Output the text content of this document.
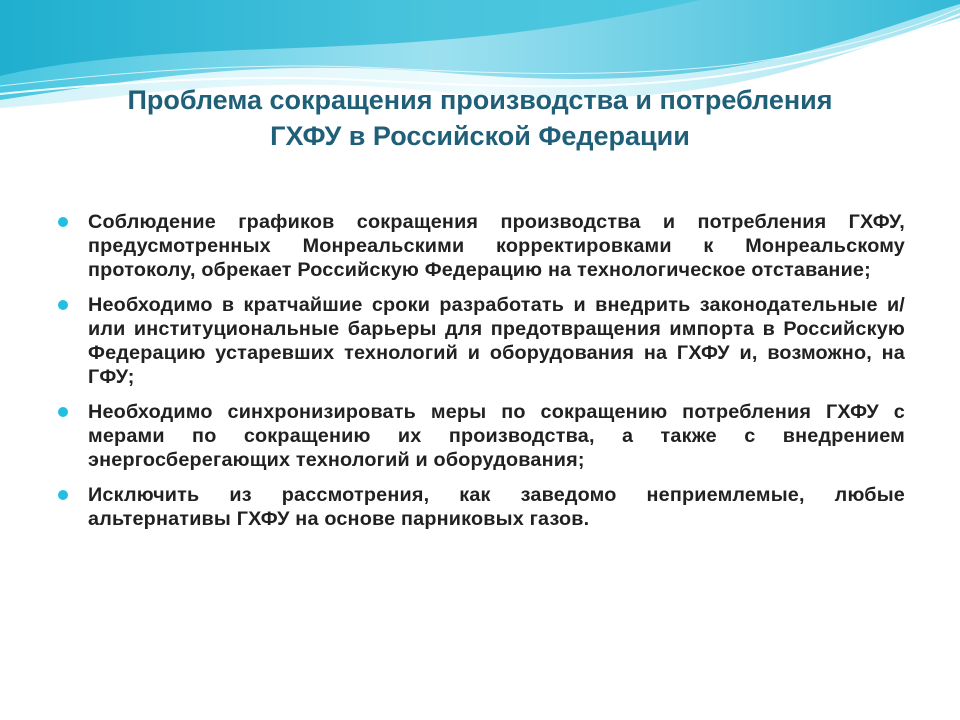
Проблема сокращения производства и потребления
ГХФУ в Российской Федерации
Соблюдение графиков сокращения производства и потребления ГХФУ, предусмотренных Монреальскими корректировками к Монреальскому протоколу, обрекает Российскую Федерацию на технологическое отставание;
Необходимо в кратчайшие сроки разработать и внедрить законодательные и/или институциональные барьеры для предотвращения импорта в Российскую Федерацию устаревших технологий и оборудования на ГХФУ и, возможно, на ГФУ;
Необходимо синхронизировать меры по сокращению потребления ГХФУ с мерами по сокращению их производства, а также с внедрением энергосберегающих технологий и оборудования;
Исключить из рассмотрения, как заведомо неприемлемые, любые альтернативы ГХФУ на основе парниковых газов.
